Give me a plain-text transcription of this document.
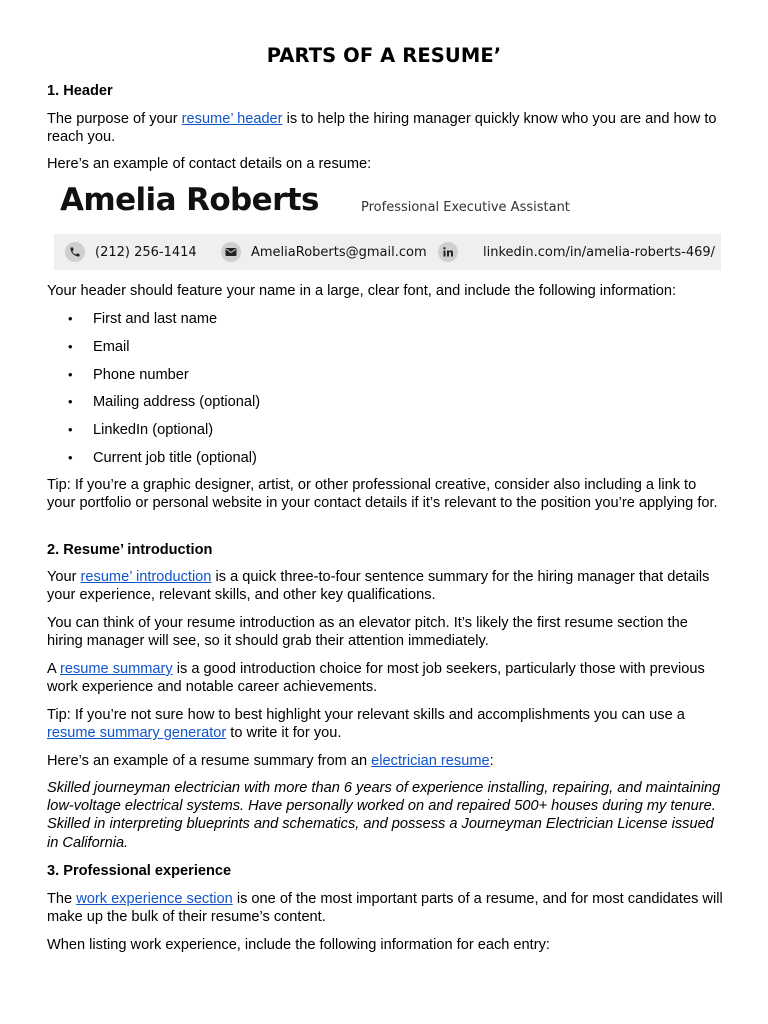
PARTS OF A RESUME’
1. Header

The purpose of your resume’ header is to help the hiring manager quickly know who you are and how to reach you.

Here’s an example of contact details on a resume:

Amelia Roberts	Professional Executive Assistant
(212) 256-1414	AmeliaRoberts@gmail.com	linkedin.com/in/amelia-roberts-469/

Your header should feature your name in a large, clear font, and include the following information:

• First and last name
• Email
• Phone number
• Mailing address (optional)
• LinkedIn (optional)
• Current job title (optional)

Tip: If you’re a graphic designer, artist, or other professional creative, consider also including a link to your portfolio or personal website in your contact details if it’s relevant to the position you’re applying for.

2. Resume’ introduction

Your resume’ introduction is a quick three-to-four sentence summary for the hiring manager that details your experience, relevant skills, and other key qualifications.

You can think of your resume introduction as an elevator pitch. It’s likely the first resume section the hiring manager will see, so it should grab their attention immediately.

A resume summary is a good introduction choice for most job seekers, particularly those with previous work experience and notable career achievements.

Tip: If you’re not sure how to best highlight your relevant skills and accomplishments you can use a resume summary generator to write it for you.

Here’s an example of a resume summary from an electrician resume:

Skilled journeyman electrician with more than 6 years of experience installing, repairing, and maintaining low-voltage electrical systems. Have personally worked on and repaired 500+ houses during my tenure. Skilled in interpreting blueprints and schematics, and possess a Journeyman Electrician License issued in California.

3. Professional experience

The work experience section is one of the most important parts of a resume, and for most candidates will make up the bulk of their resume’s content.

When listing work experience, include the following information for each entry:
